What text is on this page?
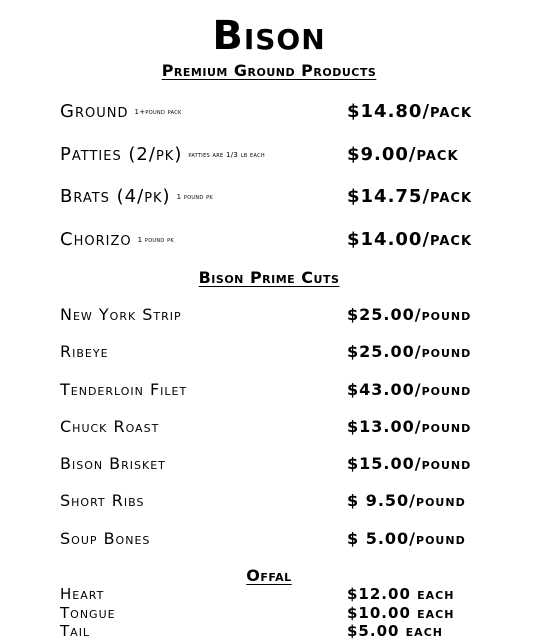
Bison
Premium Ground Products
Ground 1+pound pack	$14.80/pack
Patties (2/pk) patties are 1/3 lb each	$9.00/pack
Brats (4/pk) 1 pound pk	$14.75/pack
Chorizo 1 pound pk	$14.00/pack
Bison Prime Cuts
New York Strip	$25.00/pound
Ribeye	$25.00/pound
Tenderloin Filet	$43.00/pound
Chuck Roast	$13.00/pound
Bison Brisket	$15.00/pound
Short Ribs	$ 9.50/pound
Soup Bones	$ 5.00/pound
Offal
Heart	$12.00 each
Tongue	$10.00 each
Tail	$5.00 each
